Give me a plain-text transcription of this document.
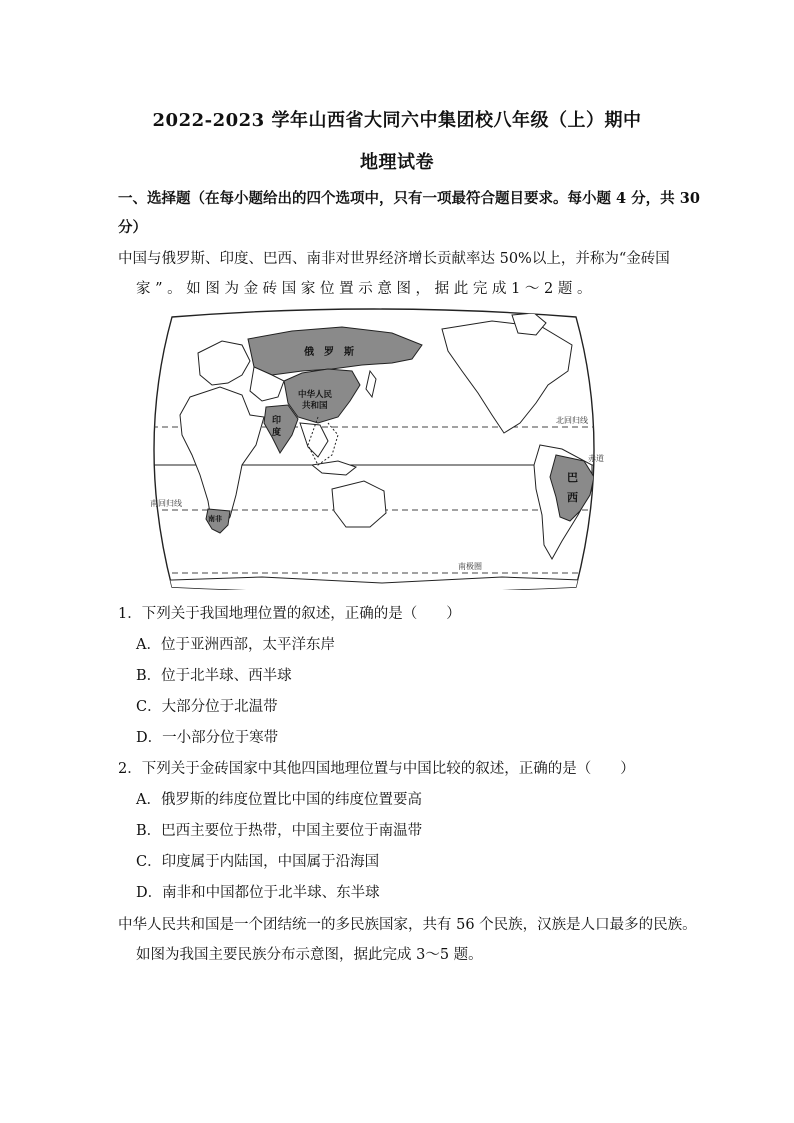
2022-2023 学年山西省大同六中集团校八年级（上）期中
地理试卷
一、选择题（在每小题给出的四个选项中，只有一项最符合题目要求。每小题 4 分，共 30
分）
中国与俄罗斯、印度、巴西、南非对世界经济增长贡献率达 50%以上，并称为“金砖国
家 ” 。 如 图 为 金 砖 国 家 位 置 示 意 图 ， 据 此 完 成 1 ～ 2 题 。
俄　罗　斯
中华人民
共和国
印
度
巴
西
南非
北回归线
赤道
南回归线
南极圈
1．下列关于我国地理位置的叙述，正确的是（　　）
A．位于亚洲西部，太平洋东岸
B．位于北半球、西半球
C．大部分位于北温带
D．一小部分位于寒带
2．下列关于金砖国家中其他四国地理位置与中国比较的叙述，正确的是（　　）
A．俄罗斯的纬度位置比中国的纬度位置要高
B．巴西主要位于热带，中国主要位于南温带
C．印度属于内陆国，中国属于沿海国
D．南非和中国都位于北半球、东半球
中华人民共和国是一个团结统一的多民族国家，共有 56 个民族，汉族是人口最多的民族。
如图为我国主要民族分布示意图，据此完成 3～5 题。
